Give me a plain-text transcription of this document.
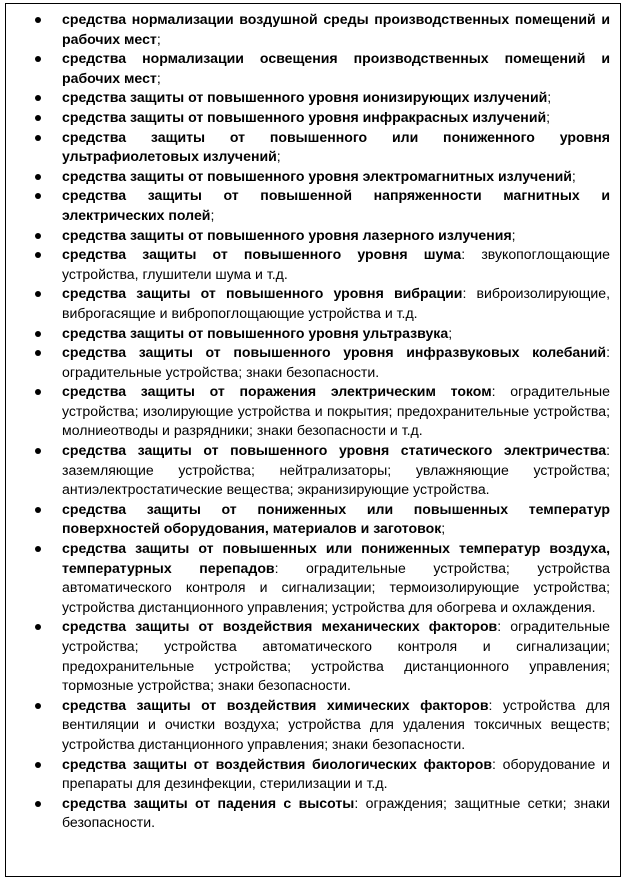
средства нормализации воздушной среды производственных помещений и рабочих мест;
средства нормализации освещения производственных помещений и рабочих мест;
средства защиты от повышенного уровня ионизирующих излучений;
средства защиты от повышенного уровня инфракрасных излучений;
средства защиты от повышенного или пониженного уровня ультрафиолетовых излучений;
средства защиты от повышенного уровня электромагнитных излучений;
средства защиты от повышенной напряженности магнитных и электрических полей;
средства защиты от повышенного уровня лазерного излучения;
средства защиты от повышенного уровня шума: звукопоглощающие устройства, глушители шума и т.д.
средства защиты от повышенного уровня вибрации: виброизолирующие, виброгасящие и вибропоглощающие устройства и т.д.
средства защиты от повышенного уровня ультразвука;
средства защиты от повышенного уровня инфразвуковых колебаний: оградительные устройства; знаки безопасности.
средства защиты от поражения электрическим током: оградительные устройства; изолирующие устройства и покрытия; предохранительные устройства; молниеотводы и разрядники; знаки безопасности и т.д.
средства защиты от повышенного уровня статического электричества: заземляющие устройства; нейтрализаторы; увлажняющие устройства; антиэлектростатические вещества; экранизирующие устройства.
средства защиты от пониженных или повышенных температур поверхностей оборудования, материалов и заготовок;
средства защиты от повышенных или пониженных температур воздуха, температурных перепадов: оградительные устройства; устройства автоматического контроля и сигнализации; термоизолирующие устройства; устройства дистанционного управления; устройства для обогрева и охлаждения.
средства защиты от воздействия механических факторов: оградительные устройства; устройства автоматического контроля и сигнализации; предохранительные устройства; устройства дистанционного управления; тормозные устройства; знаки безопасности.
средства защиты от воздействия химических факторов: устройства для вентиляции и очистки воздуха; устройства для удаления токсичных веществ; устройства дистанционного управления; знаки безопасности.
средства защиты от воздействия биологических факторов: оборудование и препараты для дезинфекции, стерилизации и т.д.
средства защиты от падения с высоты: ограждения; защитные сетки; знаки безопасности.
